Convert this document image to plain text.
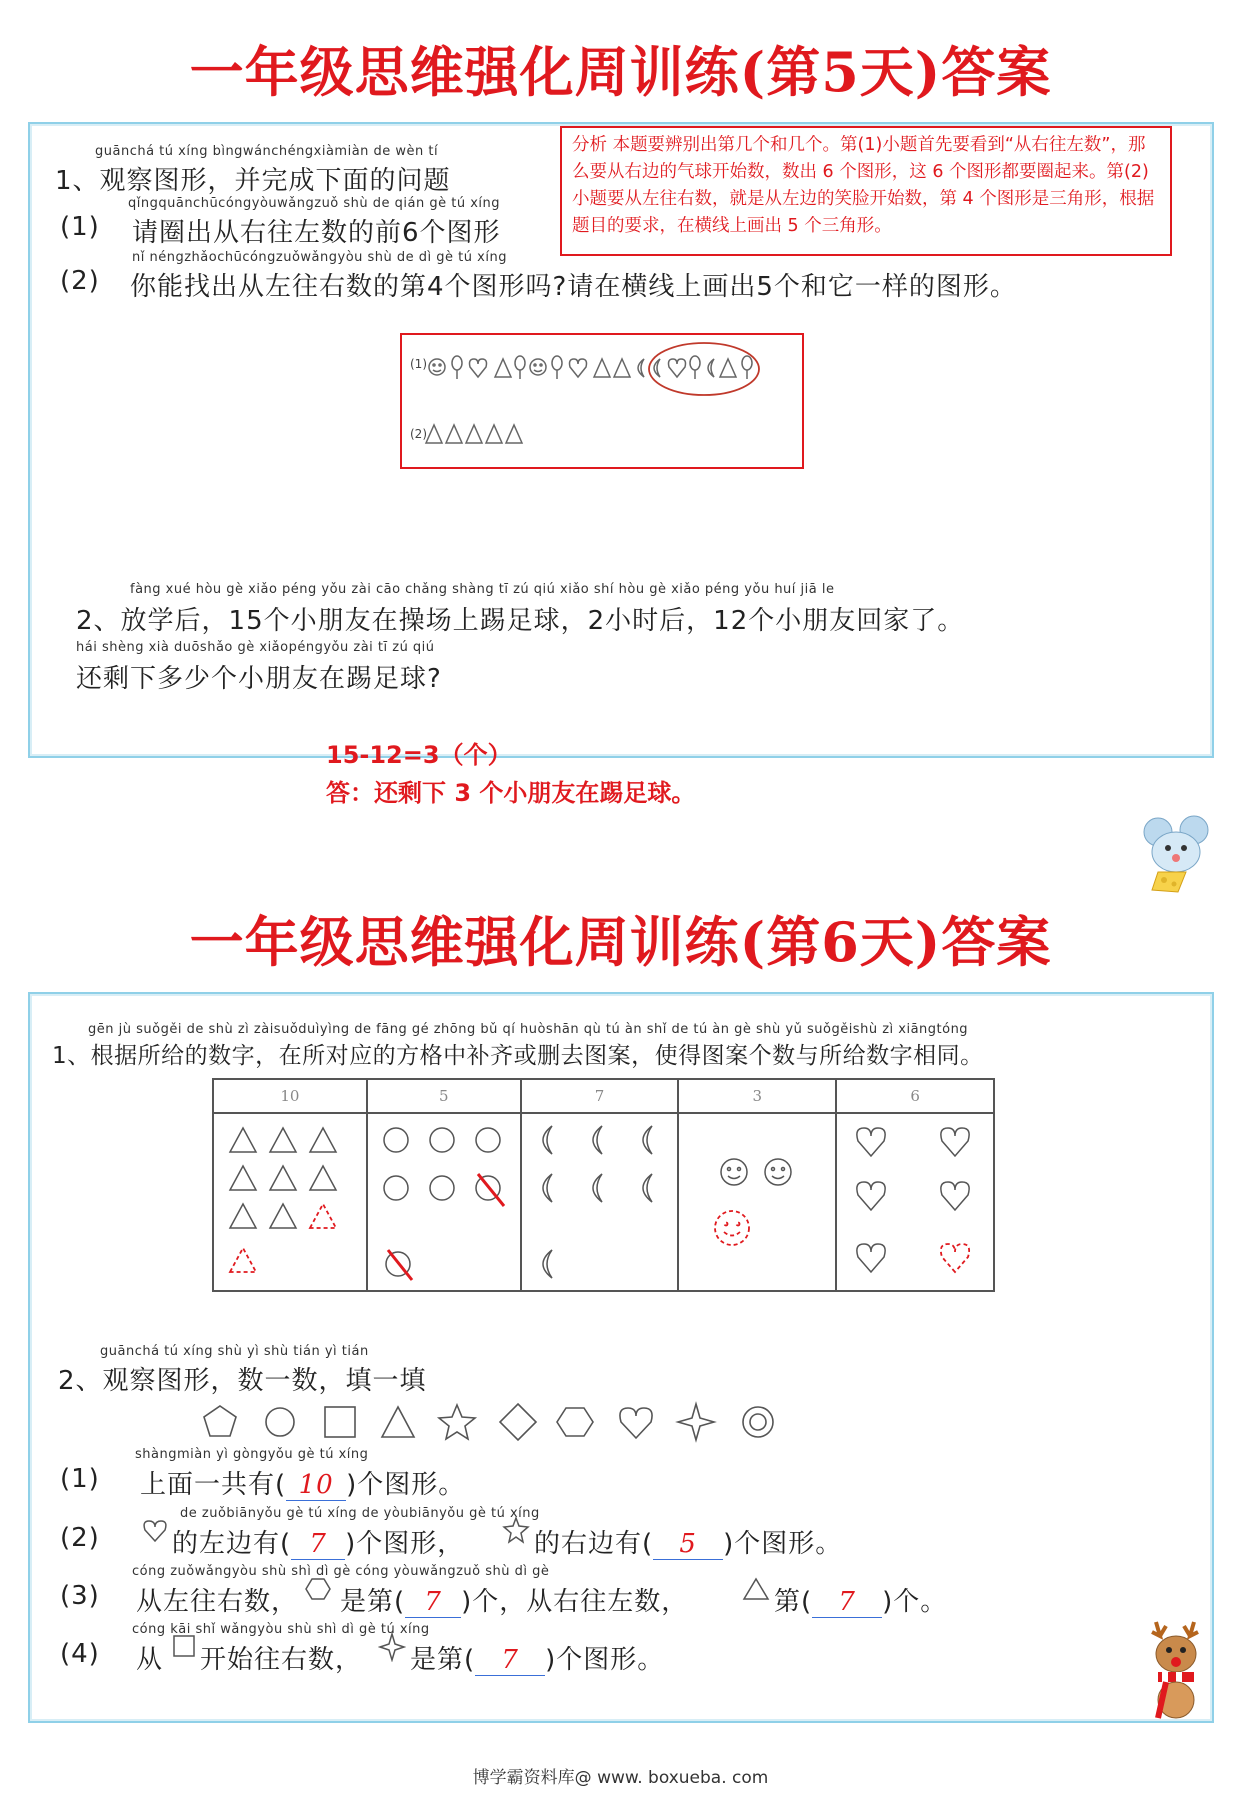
一年级思维强化周训练(第5天)答案
分析 本题要辨别出第几个和几个。第(1)小题首先要看到“从右往左数”，那么要从右边的气球开始数，数出 6 个图形，这 6 个图形都要圈起来。第(2)小题要从左往右数，就是从左边的笑脸开始数，第 4 个图形是三角形，根据题目的要求，在横线上画出 5 个三角形。
guānchá tú xíng bìngwánchéngxiàmiàn de wèn tí
1、观察图形，并完成下面的问题
qǐngquānchūcóngyòuwǎngzuǒ shù de qián gè tú xíng
(1) 请圈出从右往左数的前6个图形
nǐ néngzhǎochūcóngzuǒwǎngyòu shù de dì gè tú xíng
(2) 你能找出从左往右数的第4个图形吗?请在横线上画出5个和它一样的图形。
(1)
(2)
fàng xué hòu gè xiǎo péng yǒu zài cāo chǎng shàng tī zú qiú xiǎo shí hòu gè xiǎo péng yǒu huí jiā le
2、放学后，15个小朋友在操场上踢足球，2小时后，12个小朋友回家了。
hái shèng xià duōshǎo gè xiǎopéngyǒu zài tī zú qiú
还剩下多少个小朋友在踢足球?
15-12=3（个）
答：还剩下 3 个小朋友在踢足球。
一年级思维强化周训练(第6天)答案
gēn jù suǒgěi de shù zì zàisuǒduìyìng de fāng gé zhōng bǔ qí huòshān qù tú àn shǐ de tú àn gè shù yǔ suǒgěishù zì xiāngtóng
1、根据所给的数字，在所对应的方格中补齐或删去图案，使得图案个数与所给数字相同。
10	5	7	3	6

guānchá tú xíng shù yì shù tián yì tián
2、观察图形，数一数，填一填
shàngmiàn yì gòngyǒu gè tú xíng
(1) 上面一共有( 10 )个图形。
de zuǒbiānyǒu gè tú xíng de yòubiānyǒu gè tú xíng
(2)	的左边有( 7 )个图形，	的右边有( 5 )个图形。
cóng zuǒwǎngyòu shù shì dì gè cóng yòuwǎngzuǒ shù dì gè
(3) 从左往右数， 是第( 7 )个，从右往左数，	第( 7 )个。
cóng kāi shǐ wǎngyòu shù shì dì gè tú xíng
(4) 从 开始往右数， 是第( 7 )个图形。
博学霸资料库@ www. boxueba. com
